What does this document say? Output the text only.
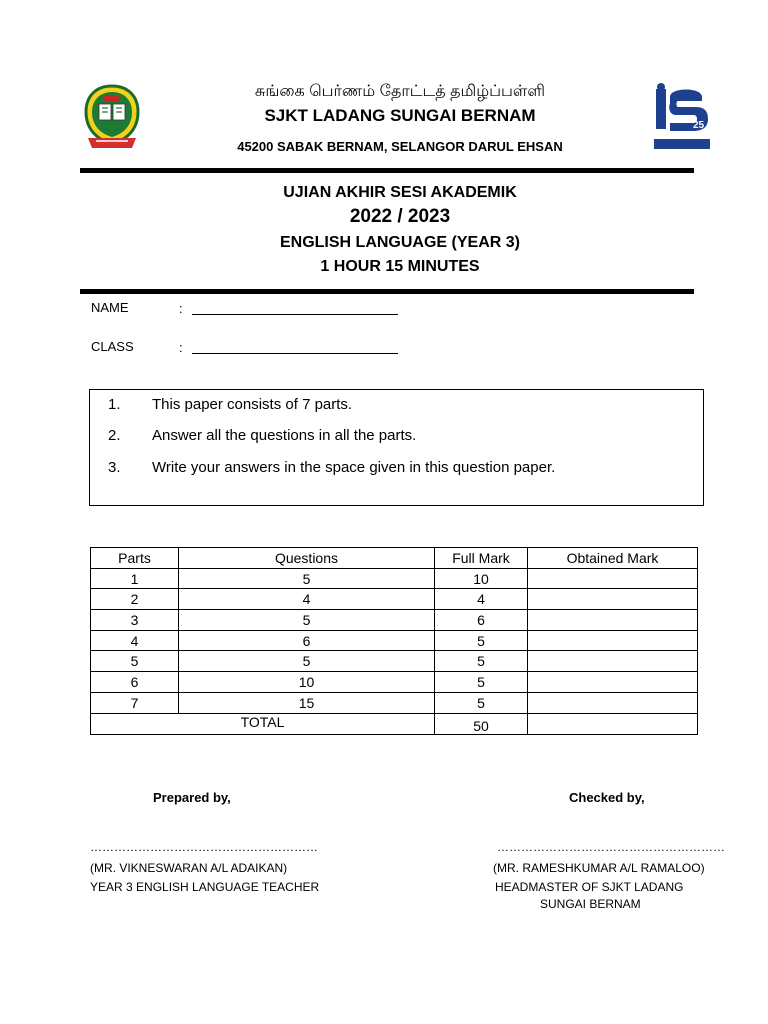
சுங்கை பெர்ணம் தோட்டத் தமிழ்ப்பள்ளி
SJKT LADANG SUNGAI BERNAM
45200 SABAK BERNAM, SELANGOR DARUL EHSAN
25
UJIAN AKHIR SESI AKADEMIK
2022 / 2023
ENGLISH LANGUAGE (YEAR 3)
1 HOUR 15 MINUTES
NAME	:
CLASS	:
1. This paper consists of 7 parts.
2. Answer all the questions in all the parts.
3. Write your answers in the space given in this question paper.
Parts	Questions	Full Mark	Obtained Mark
1	5	10	
2	4	4	
3	5	6	
4	6	5	
5	5	5	
6	10	5	
7	15	5	
TOTAL		50	
Prepared by,	Checked by,
…………………………………………………	…………………………………………………
(MR. VIKNESWARAN A/L ADAIKAN)
YEAR 3 ENGLISH LANGUAGE TEACHER
(MR. RAMESHKUMAR A/L RAMALOO)
HEADMASTER OF SJKT LADANG
SUNGAI BERNAM
